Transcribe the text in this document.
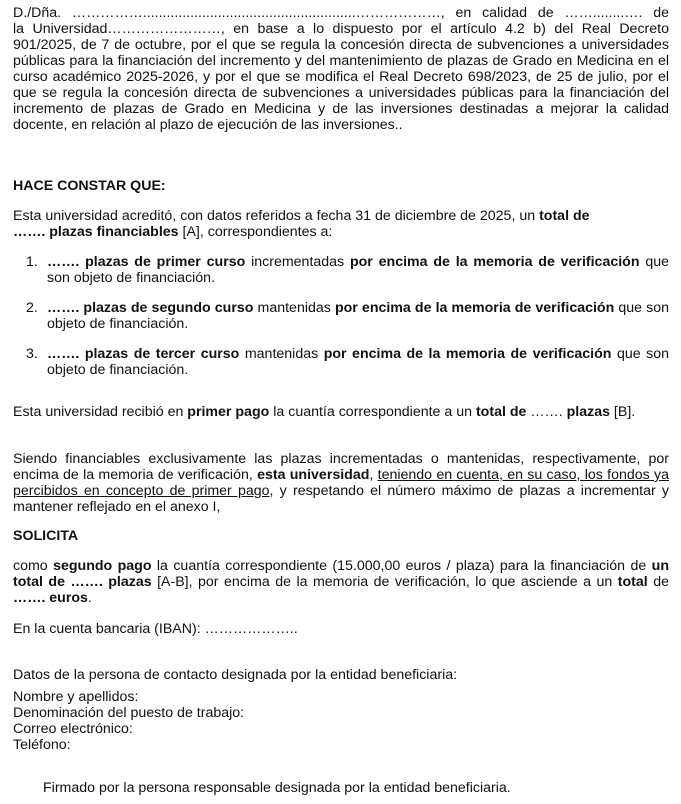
D./Dña. ……………......................................................………………, en calidad de ……........…. de
la Universidad……………………, en base a lo dispuesto por el artículo 4.2 b) del Real Decreto
901/2025, de 7 de octubre, por el que se regula la concesión directa de subvenciones a universidades públicas para la financiación del incremento y del mantenimiento de plazas de Grado en Medicina en el curso académico 2025-2026, y por el que se modifica el Real Decreto 698/2023, de 25 de julio, por el que se regula la concesión directa de subvenciones a universidades públicas para la financiación del incremento de plazas de Grado en Medicina y de las inversiones destinadas a mejorar la calidad docente, en relación al plazo de ejecución de las inversiones..
HACE CONSTAR QUE:
Esta universidad acreditó, con datos referidos a fecha 31 de diciembre de 2025, un total de
……. plazas financiables [A], correspondientes a:
1. ……. plazas de primer curso incrementadas por encima de la memoria de verificación que son objeto de financiación.
2. ……. plazas de segundo curso mantenidas por encima de la memoria de verificación que son objeto de financiación.
3. ……. plazas de tercer curso mantenidas por encima de la memoria de verificación que son objeto de financiación.
Esta universidad recibió en primer pago la cuantía correspondiente a un total de ……. plazas [B].
Siendo financiables exclusivamente las plazas incrementadas o mantenidas, respectivamente, por encima de la memoria de verificación, esta universidad, teniendo en cuenta, en su caso, los fondos ya percibidos en concepto de primer pago, y respetando el número máximo de plazas a incrementar y mantener reflejado en el anexo I,
SOLICITA
como segundo pago la cuantía correspondiente (15.000,00 euros / plaza) para la financiación de un total de ……. plazas [A-B], por encima de la memoria de verificación, lo que asciende a un total de ……. euros.
En la cuenta bancaria (IBAN): ………………..
Datos de la persona de contacto designada por la entidad beneficiaria:
Nombre y apellidos:
Denominación del puesto de trabajo:
Correo electrónico:
Teléfono:
Firmado por la persona responsable designada por la entidad beneficiaria.
